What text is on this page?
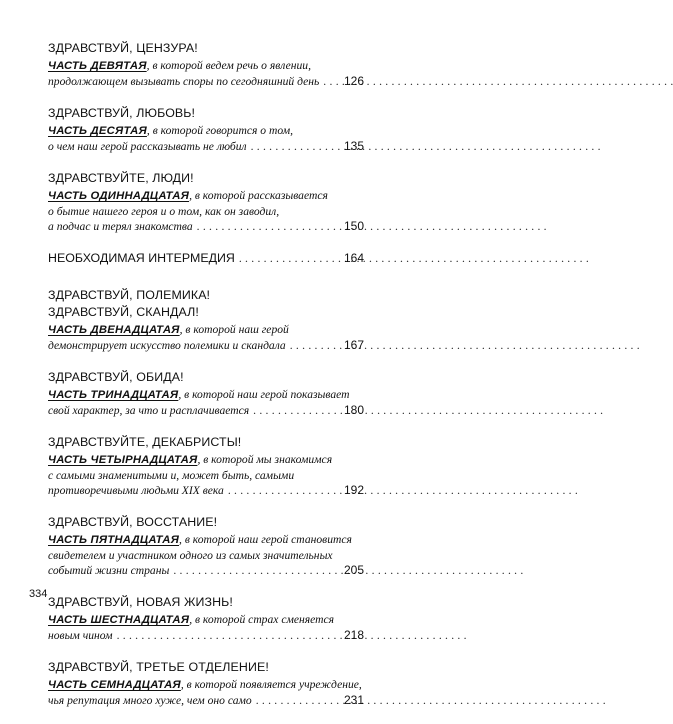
ЗДРАВСТВУЙ, ЦЕНЗУРА!
ЧАСТЬ ДЕВЯТАЯ, в которой ведем речь о явлении,
продолжающем вызывать споры по сегодняшний день . . .	126
ЗДРАВСТВУЙ, ЛЮБОВЬ!
ЧАСТЬ ДЕСЯТАЯ, в которой говорится о том,
о чем наш герой рассказывать не любил . . .	135
ЗДРАВСТВУЙТЕ, ЛЮДИ!
ЧАСТЬ ОДИННАДЦАТАЯ, в которой рассказывается
о бытие нашего героя и о том, как он заводил,
а подчас и терял знакомства . . .	150
НЕОБХОДИМАЯ ИНТЕРМЕДИЯ . . .	164
ЗДРАВСТВУЙ, ПОЛЕМИКА!
ЗДРАВСТВУЙ, СКАНДАЛ!
ЧАСТЬ ДВЕНАДЦАТАЯ, в которой наш герой
демонстрирует искусство полемики и скандала . . .	167
ЗДРАВСТВУЙ, ОБИДА!
ЧАСТЬ ТРИНАДЦАТАЯ, в которой наш герой показывает
свой характер, за что и расплачивается . . .	180
ЗДРАВСТВУЙТЕ, ДЕКАБРИСТЫ!
ЧАСТЬ ЧЕТЫРНАДЦАТАЯ, в которой мы знакомимся
с самыми знаменитыми и, может быть, самыми
противоречивыми людьми XIX века . . .	192
ЗДРАВСТВУЙ, ВОССТАНИЕ!
ЧАСТЬ ПЯТНАДЦАТАЯ, в которой наш герой становится
свидетелем и участником одного из самых значительных
событий жизни страны . . .	205
ЗДРАВСТВУЙ, НОВАЯ ЖИЗНЬ!
ЧАСТЬ ШЕСТНАДЦАТАЯ, в которой страх сменяется
новым чином . . .	218
ЗДРАВСТВУЙ, ТРЕТЬЕ ОТДЕЛЕНИЕ!
ЧАСТЬ СЕМНАДЦАТАЯ, в которой появляется учреждение,
чья репутация много хуже, чем оно само . . .	231
334
